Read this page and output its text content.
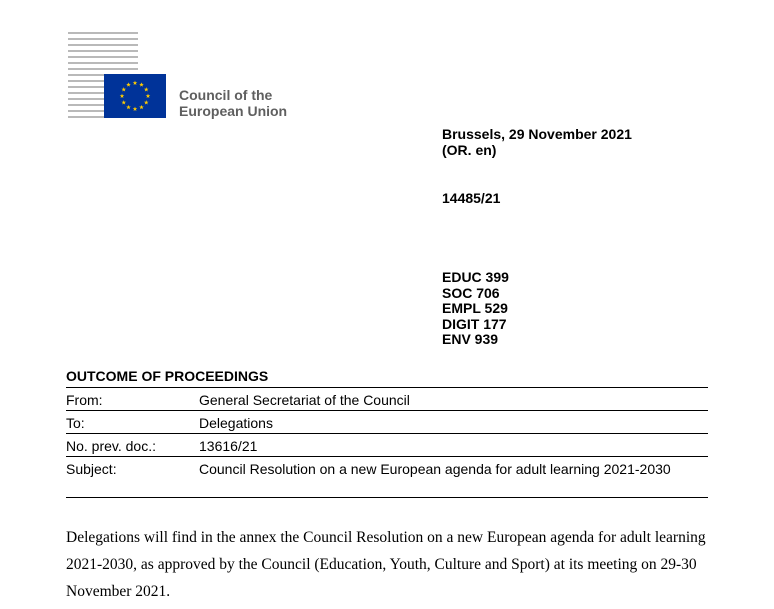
Council of the
European Union
Brussels, 29 November 2021
(OR. en)
14485/21
EDUC 399
SOC 706
EMPL 529
DIGIT 177
ENV 939
OUTCOME OF PROCEEDINGS
From:	General Secretariat of the Council
To:	Delegations
No. prev. doc.:	13616/21
Subject:	Council Resolution on a new European agenda for adult learning 2021-2030
Delegations will find in the annex the Council Resolution on a new European agenda for adult learning 2021-2030, as approved by the Council (Education, Youth, Culture and Sport) at its meeting on 29-30 November 2021.
